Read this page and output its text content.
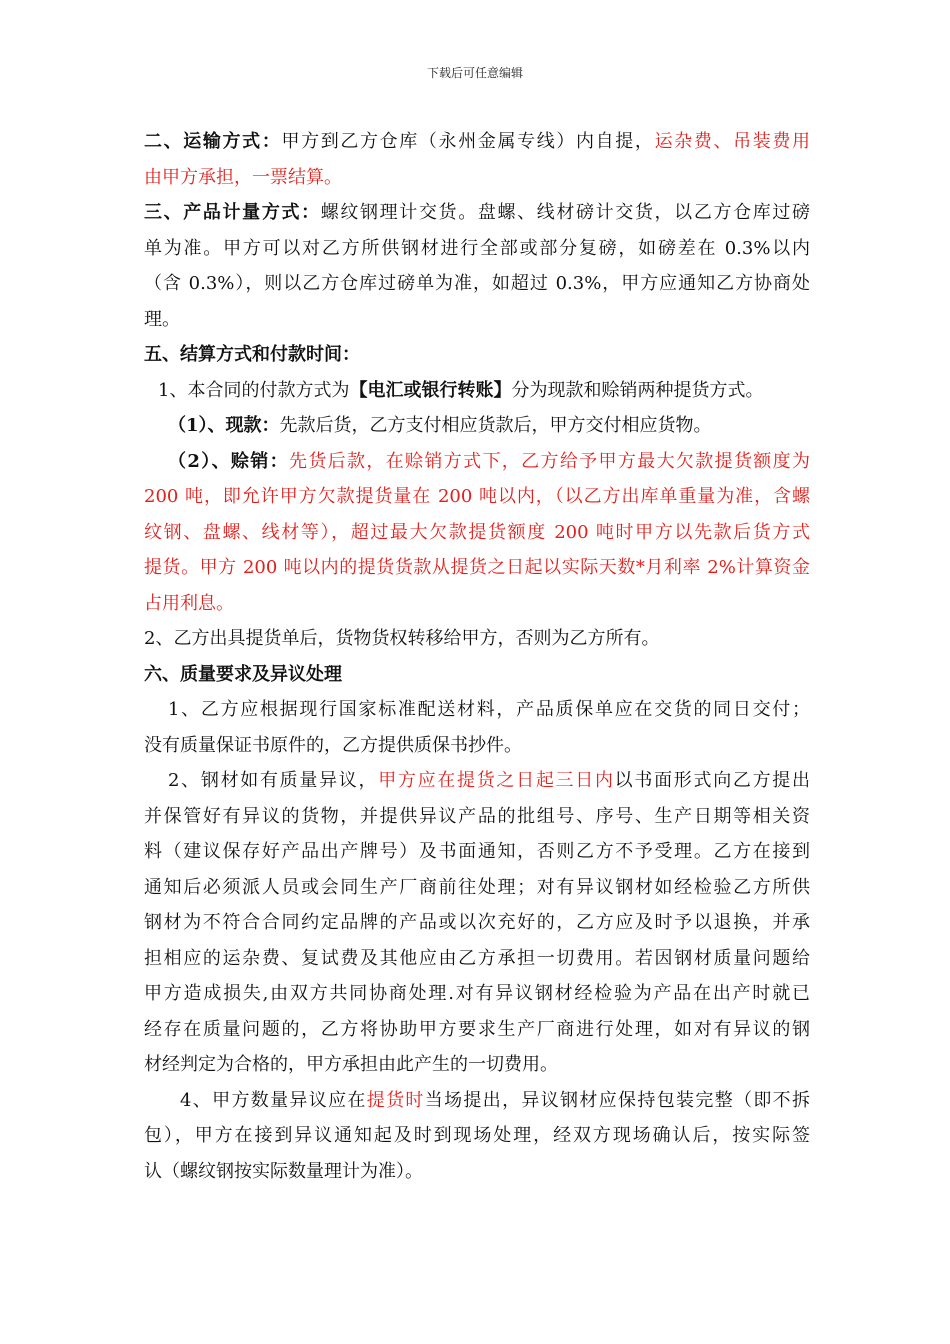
下载后可任意编辑
二、运输方式：甲方到乙方仓库（永州金属专线）内自提，运杂费、吊装费用
由甲方承担，一票结算。
三、产品计量方式：螺纹钢理计交货。盘螺、线材磅计交货，以乙方仓库过磅
单为准。甲方可以对乙方所供钢材进行全部或部分复磅，如磅差在 0.3%以内
（含 0.3%），则以乙方仓库过磅单为准，如超过 0.3%，甲方应通知乙方协商处
理。
五、结算方式和付款时间：
1、本合同的付款方式为【电汇或银行转账】分为现款和赊销两种提货方式。
（1）、现款：先款后货，乙方支付相应货款后，甲方交付相应货物。
（2）、赊销：先货后款，在赊销方式下，乙方给予甲方最大欠款提货额度为
200 吨，即允许甲方欠款提货量在 200 吨以内，（以乙方出库单重量为准，含螺
纹钢、盘螺、线材等），超过最大欠款提货额度 200 吨时甲方以先款后货方式
提货。甲方 200 吨以内的提货货款从提货之日起以实际天数*月利率 2%计算资金
占用利息。
2、乙方出具提货单后，货物货权转移给甲方，否则为乙方所有。
六、质量要求及异议处理
1、乙方应根据现行国家标准配送材料，产品质保单应在交货的同日交付；
没有质量保证书原件的，乙方提供质保书抄件。
2、钢材如有质量异议，甲方应在提货之日起三日内以书面形式向乙方提出
并保管好有异议的货物，并提供异议产品的批组号、序号、生产日期等相关资
料（建议保存好产品出产牌号）及书面通知，否则乙方不予受理。乙方在接到
通知后必须派人员或会同生产厂商前往处理；对有异议钢材如经检验乙方所供
钢材为不符合合同约定品牌的产品或以次充好的，乙方应及时予以退换，并承
担相应的运杂费、复试费及其他应由乙方承担一切费用。若因钢材质量问题给
甲方造成损失,由双方共同协商处理.对有异议钢材经检验为产品在出产时就已
经存在质量问题的，乙方将协助甲方要求生产厂商进行处理，如对有异议的钢
材经判定为合格的，甲方承担由此产生的一切费用。
4、甲方数量异议应在提货时当场提出，异议钢材应保持包装完整（即不拆
包），甲方在接到异议通知起及时到现场处理，经双方现场确认后，按实际签
认（螺纹钢按实际数量理计为准）。
